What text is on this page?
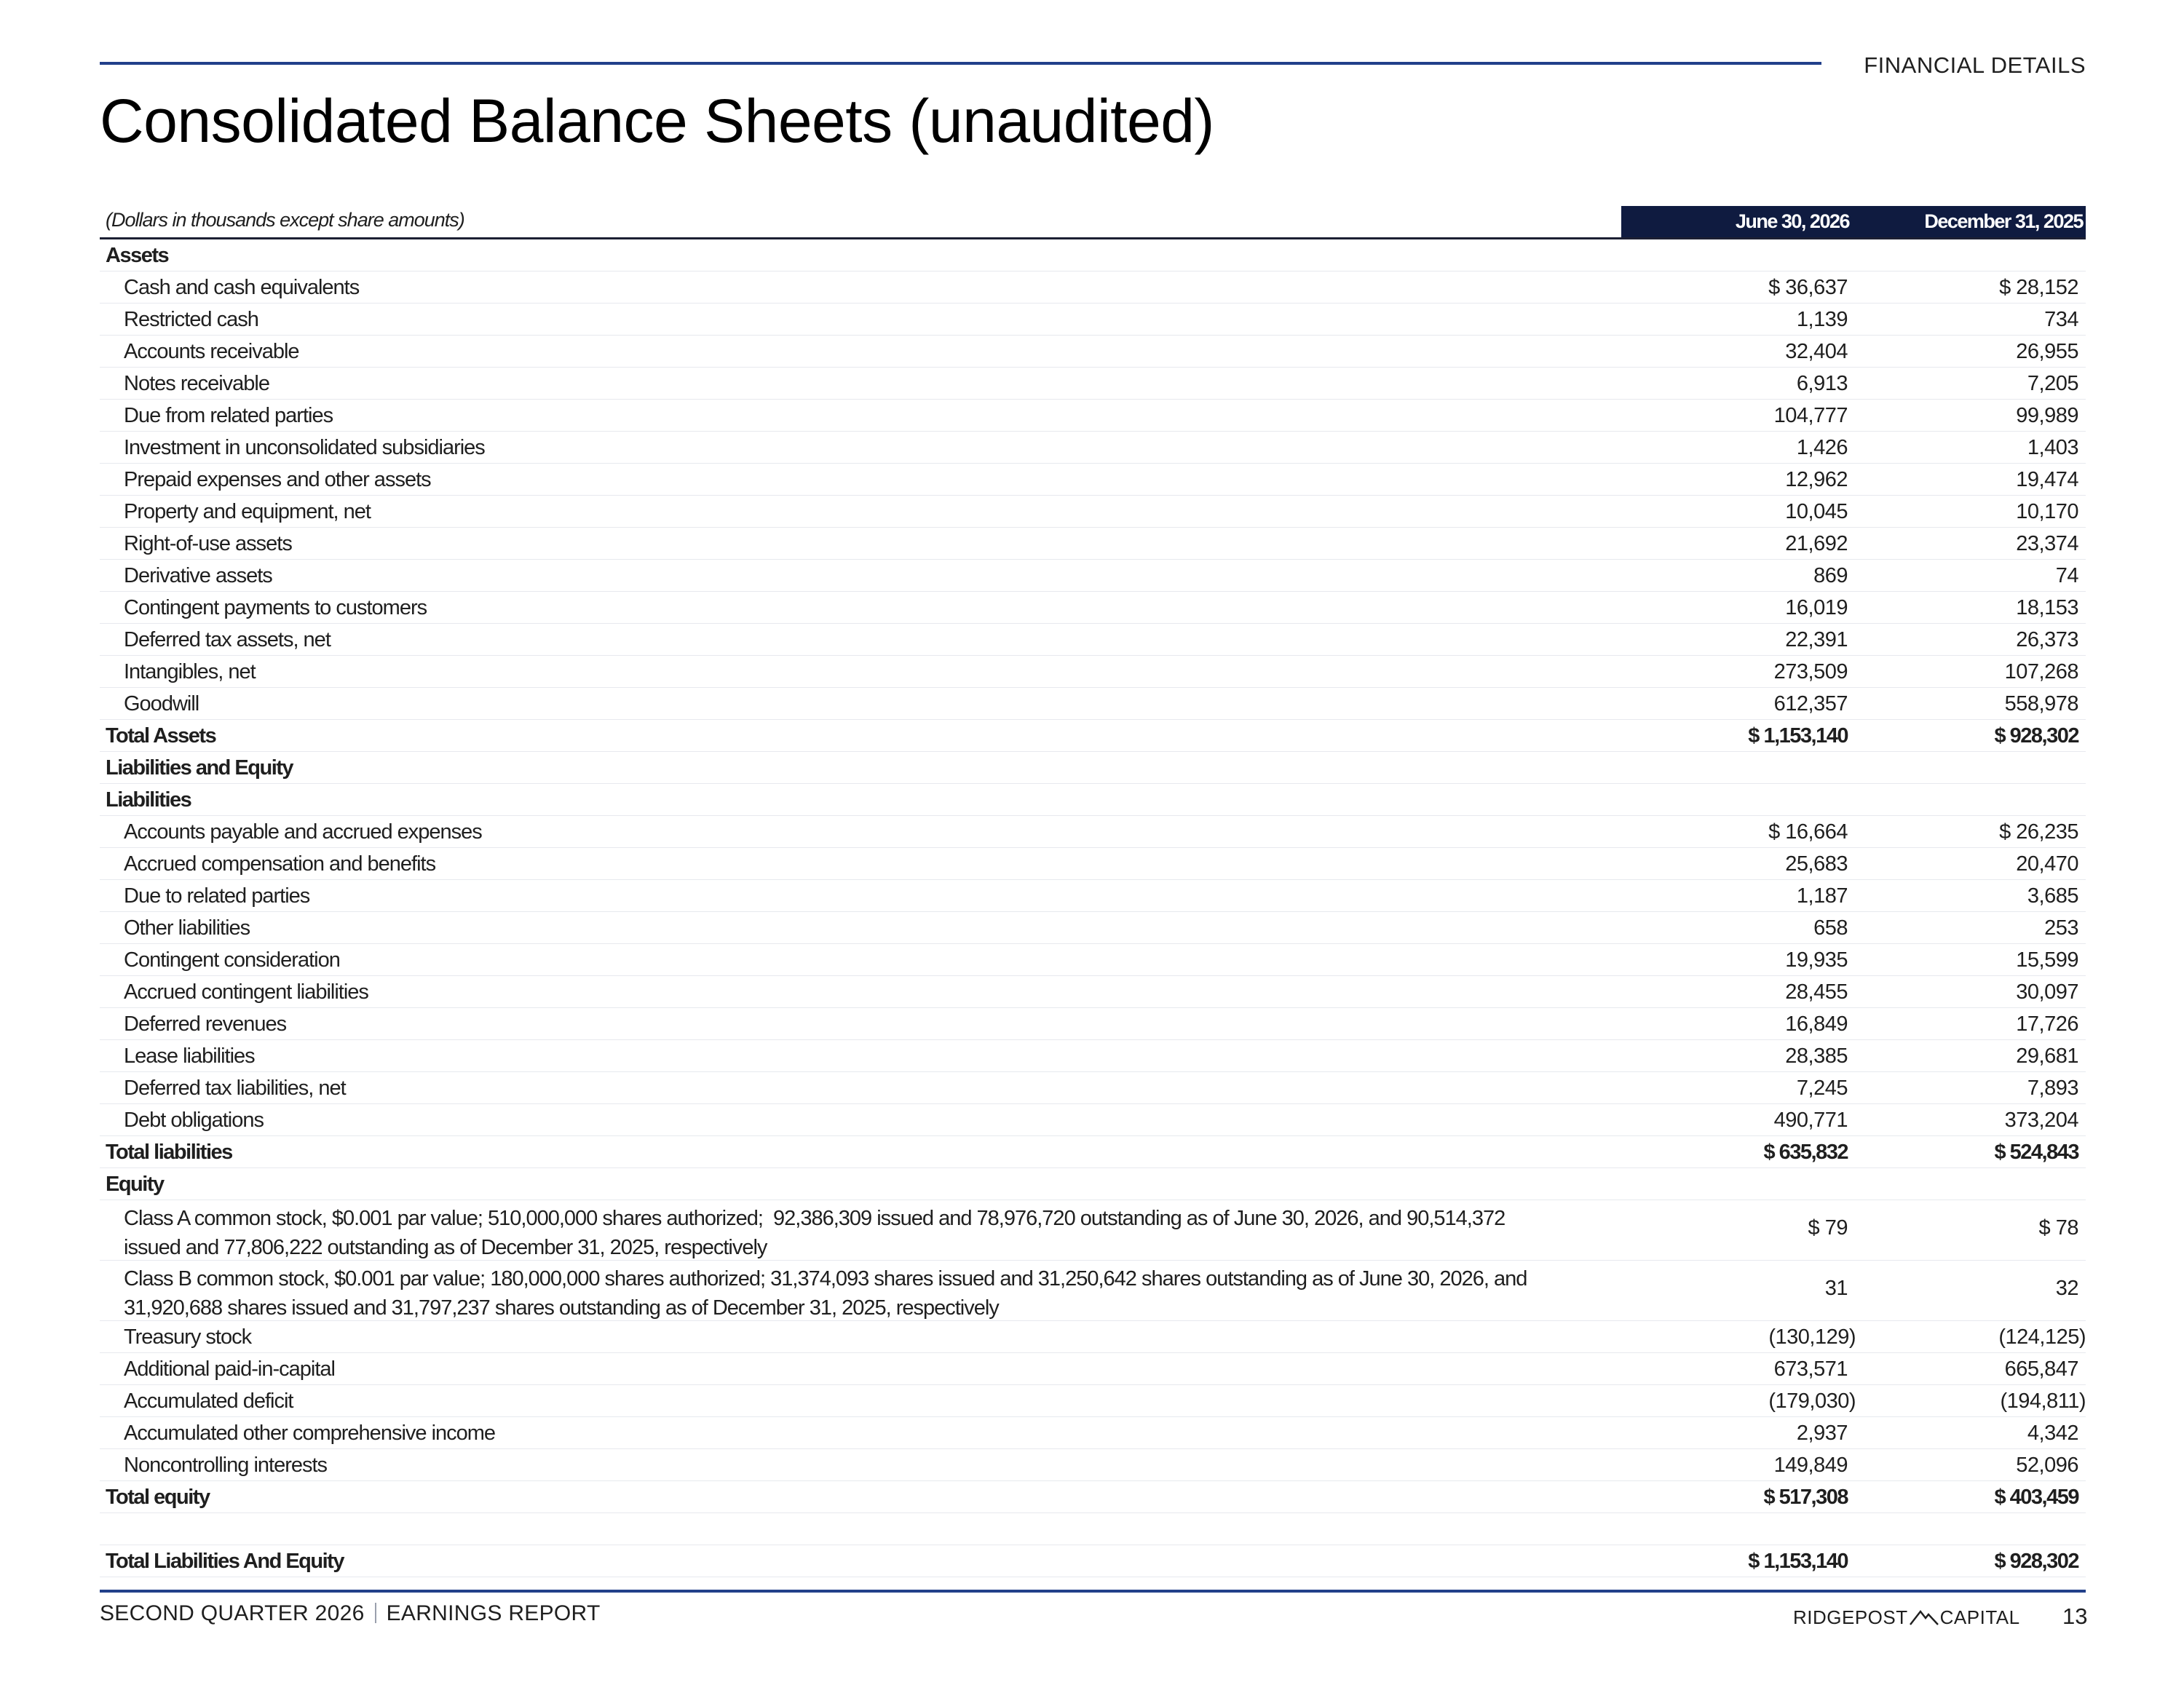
FINANCIAL DETAILS
Consolidated Balance Sheets (unaudited)
(Dollars in thousands except share amounts)	June 30, 2026	December 31, 2025
Assets
Cash and cash equivalents	$ 36,637	$ 28,152
Restricted cash	1,139	734
Accounts receivable	32,404	26,955
Notes receivable	6,913	7,205
Due from related parties	104,777	99,989
Investment in unconsolidated subsidiaries	1,426	1,403
Prepaid expenses and other assets	12,962	19,474
Property and equipment, net	10,045	10,170
Right-of-use assets	21,692	23,374
Derivative assets	869	74
Contingent payments to customers	16,019	18,153
Deferred tax assets, net	22,391	26,373
Intangibles, net	273,509	107,268
Goodwill	612,357	558,978
Total Assets	$ 1,153,140	$ 928,302
Liabilities and Equity
Liabilities
Accounts payable and accrued expenses	$ 16,664	$ 26,235
Accrued compensation and benefits	25,683	20,470
Due to related parties	1,187	3,685
Other liabilities	658	253
Contingent consideration	19,935	15,599
Accrued contingent liabilities	28,455	30,097
Deferred revenues	16,849	17,726
Lease liabilities	28,385	29,681
Deferred tax liabilities, net	7,245	7,893
Debt obligations	490,771	373,204
Total liabilities	$ 635,832	$ 524,843
Equity
Class A common stock, $0.001 par value; 510,000,000 shares authorized;  92,386,309 issued and 78,976,720 outstanding as of June 30, 2026, and 90,514,372
issued and 77,806,222 outstanding as of December 31, 2025, respectively
$ 79	$ 78
Class B common stock, $0.001 par value; 180,000,000 shares authorized; 31,374,093 shares issued and 31,250,642 shares outstanding as of June 30, 2026, and
31,920,688 shares issued and 31,797,237 shares outstanding as of December 31, 2025, respectively
31	32
Treasury stock	(130,129)	(124,125)
Additional paid-in-capital	673,571	665,847
Accumulated deficit	(179,030)	(194,811)
Accumulated other comprehensive income	2,937	4,342
Noncontrolling interests	149,849	52,096
Total equity	$ 517,308	$ 403,459
Total Liabilities And Equity	$ 1,153,140	$ 928,302
SECOND QUARTER 2026 EARNINGS REPORT	RIDGEPOST CAPITAL 13
